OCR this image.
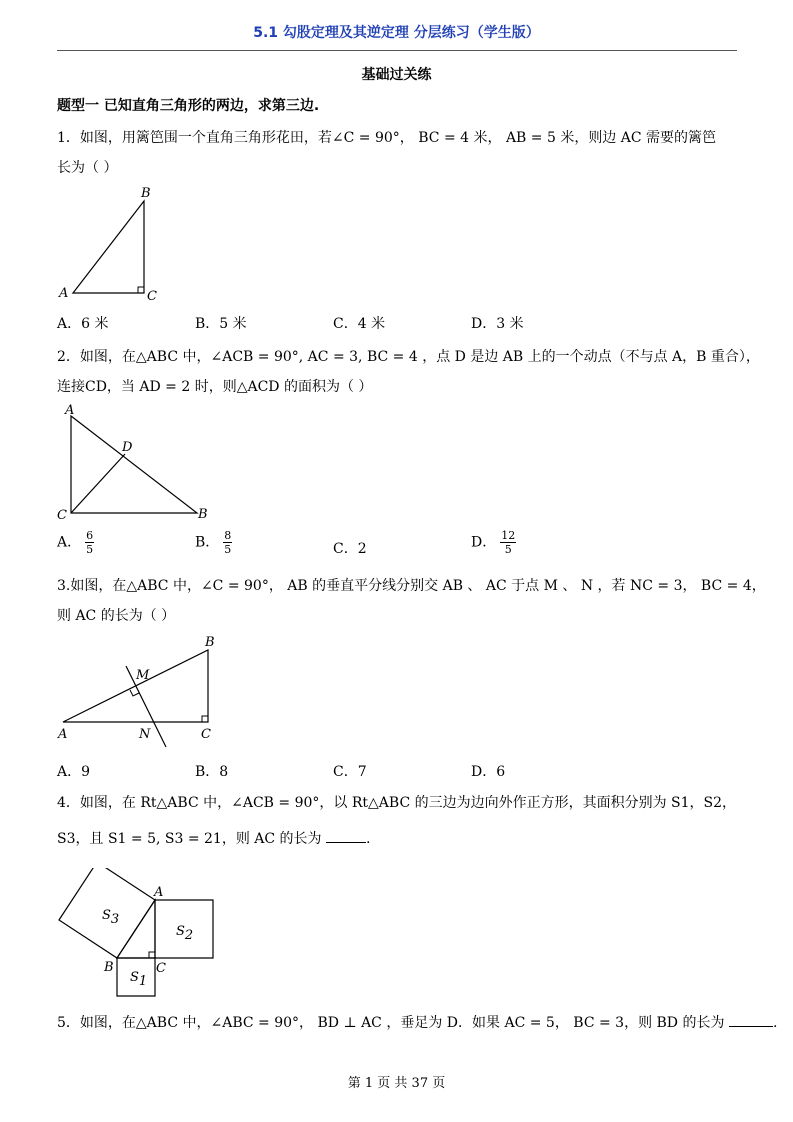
5.1 勾股定理及其逆定理 分层练习（学生版）
基础过关练
题型一 已知直角三角形的两边，求第三边.
1．如图，用篱笆围一个直角三角形花田，若∠C = 90°， BC = 4 米， AB = 5 米，则边 AC 需要的篱笆
长为（ ）
B
A	C
A．6 米	B．5 米	C．4 米	D．3 米
2．如图，在△ABC 中，∠ACB = 90°, AC = 3, BC = 4 ，点 D 是边 AB 上的一个动点（不与点 A，B 重合），
连接CD，当 AD = 2 时，则△ACD 的面积为（ ）
A
D
C	B
A． $\frac{6}{5}$	B． $\frac{8}{5}$	C．2	D． $\frac{12}{5}$
3.如图，在△ABC 中，∠C = 90°， AB 的垂直平分线分别交 AB 、 AC 于点 M 、 N ，若 NC = 3， BC = 4，
则 AC 的长为（ ）
B
M
A	N	C
A．9	B．8	C．7	D．6
4．如图，在 Rt△ABC 中，∠ACB = 90°，以 Rt△ABC 的三边为边向外作正方形，其面积分别为 S1，S2，
S3，且 S1 = 5, S3 = 21，则 AC 的长为	.
A
B	C
S3
S2
S1
5．如图，在△ABC 中，∠ABC = 90°， BD ⊥ AC ，垂足为 D．如果 AC = 5， BC = 3，则 BD 的长为	.
第 1 页 共 37 页
